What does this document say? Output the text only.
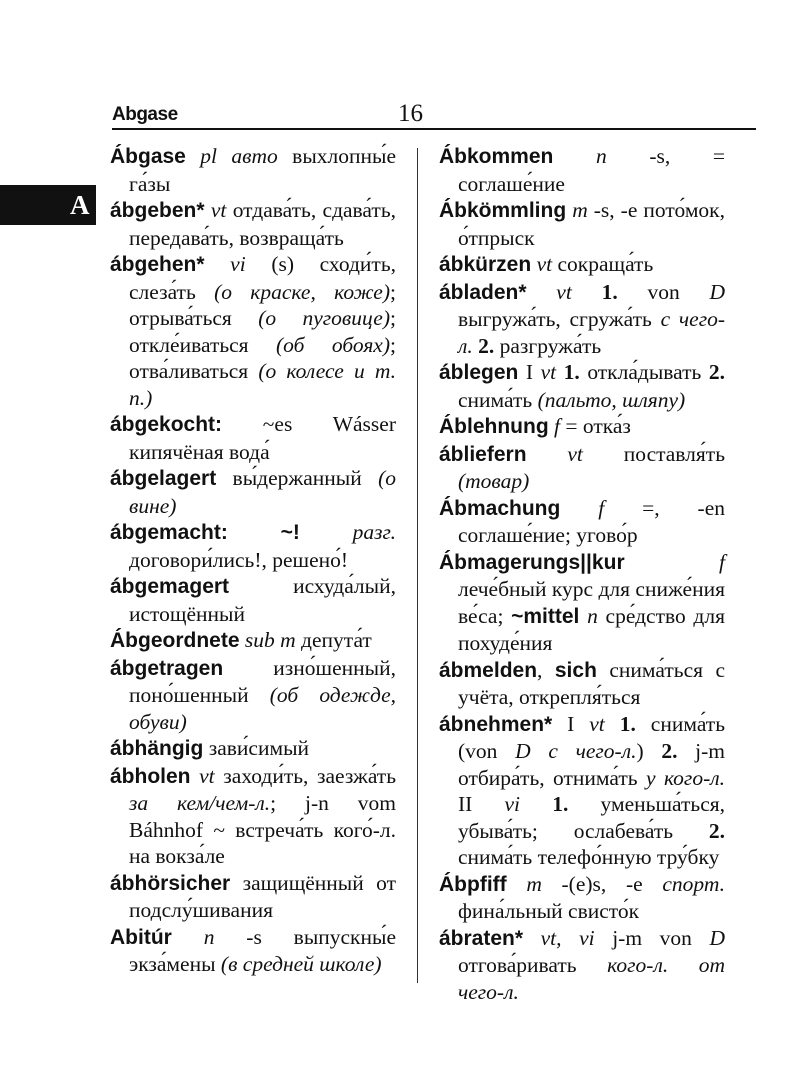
Abgase	16
A

Ábgase pl авто выхлопны́е га́зы

ábgeben* vt отдава́ть, сдава́ть, передава́ть, возвраща́ть

ábgehen* vi (s) сходи́ть, слеза́ть (о краске, коже); отрыва́ться (о пуговице); откле́иваться (об обоях); отва́ливаться (о колесе и т. п.)

ábgekocht: ~es Wásser кипячёная вода́

ábgelagert вы́держанный (о вине)

ábgemacht:	~! разг. договори́лись!, решено́!

ábgemagert исхуда́лый, истощённый

Ábgeordnete sub m депута́т

ábgetragen изно́шенный, поно́шенный (об одежде, обуви)

ábhängig зави́симый

ábholen vt заходи́ть, заезжа́ть за кем/чем-л.; j-n vom Báhnhof ~ встреча́ть кого́-л. на вокза́ле

ábhörsicher защищённый от подслу́шивания

Abitúr n -s выпускны́е экза́мены (в средней школе)

Ábkommen n -s, = соглаше́ние

Ábkömmling m -s, -e пото́мок, о́тпрыск

ábkürzen vt сокраща́ть

ábladen* vt 1. von D выгружа́ть, сгружа́ть с чего-л. 2. разгружа́ть

áblegen I vt 1. откла́дывать 2. снима́ть (пальто, шляпу)

Áblehnung f = отка́з

ábliefern vt поставля́ть (товар)

Ábmachung f =, -en соглаше́ние; угово́р

Ábmagerungs||kur	f лече́бный курс для сниже́ния ве́са; ~mittel n сре́дство для похуде́ния

ábmelden, sich снима́ться с учёта, открепля́ться

ábnehmen* I vt 1. снима́ть (von D с чего-л.) 2. j-m отбира́ть, отнима́ть у кого-л. II vi 1. уменьша́ться, убыва́ть; ослабева́ть 2. снима́ть телефо́нную тру́бку

Ábpfiff m -(e)s, -e спорт. фина́льный свисто́к

ábraten* vt, vi j-m von D отгова́ривать кого-л. от чего-л.
